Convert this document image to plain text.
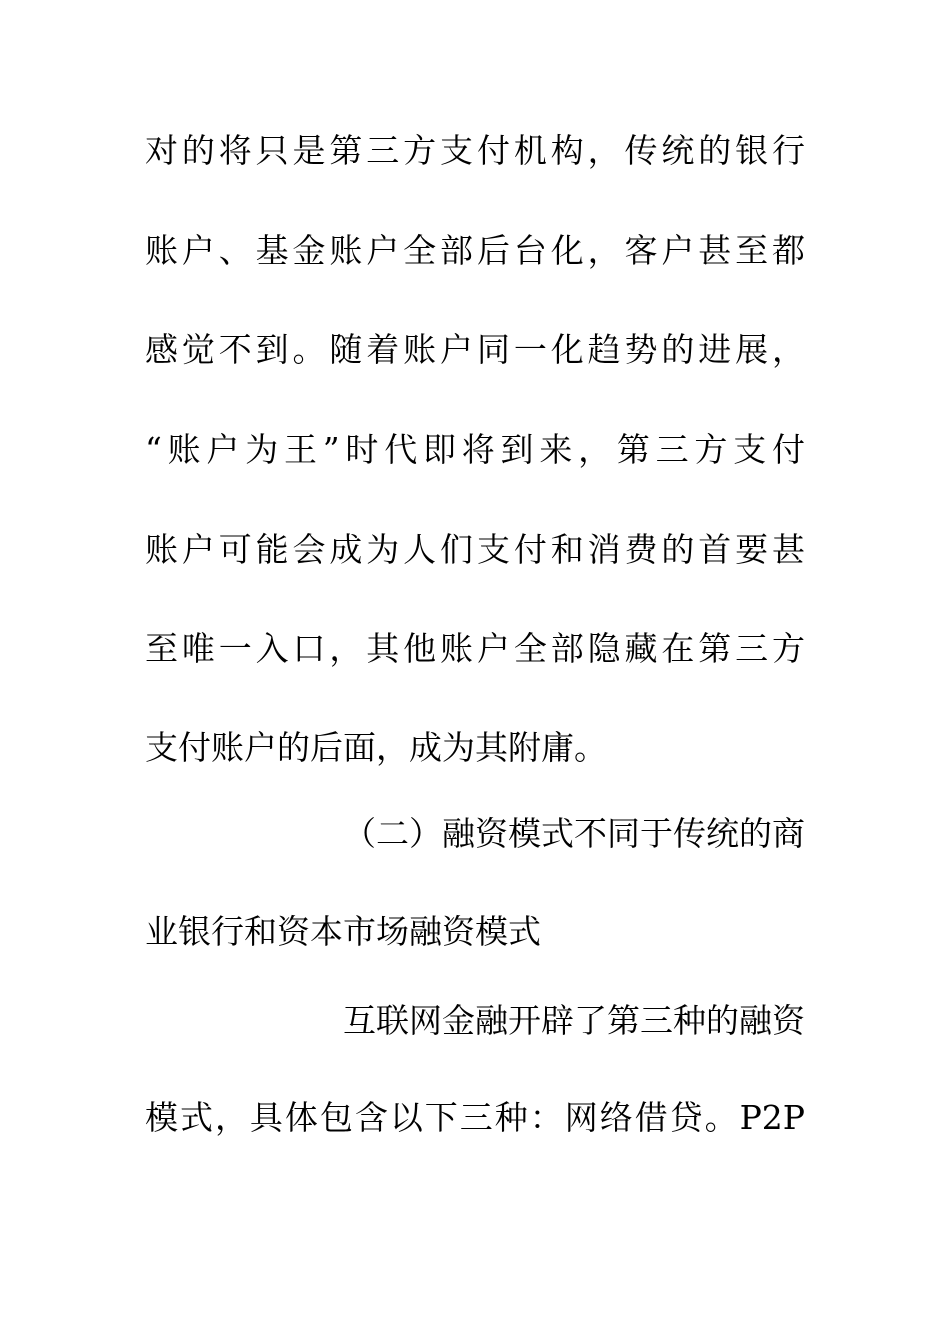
对的将只是第三方支付机构，传统的银行
账户、基金账户全部后台化，客户甚至都
感觉不到。随着账户同一化趋势的进展，
“账户为王”时代即将到来，第三方支付
账户可能会成为人们支付和消费的首要甚
至唯一入口，其他账户全部隐藏在第三方
支付账户的后面，成为其附庸。
（二）融资模式不同于传统的商
业银行和资本市场融资模式
互联网金融开辟了第三种的融资
模式，具体包含以下三种：网络借贷。P2P
